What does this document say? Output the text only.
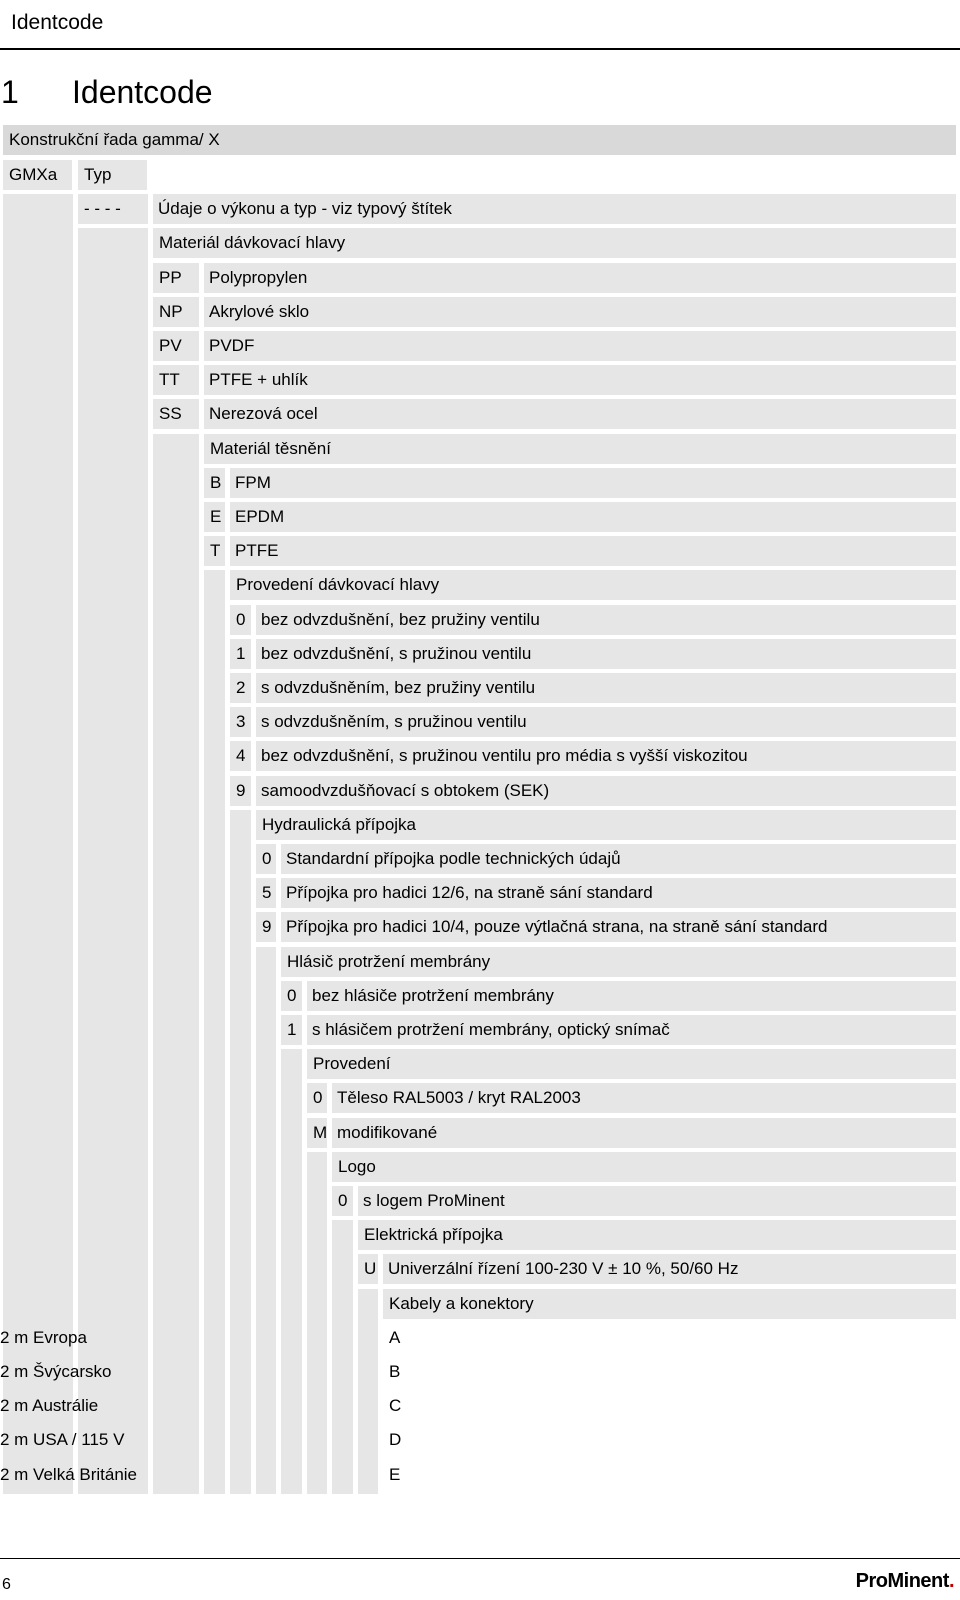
Identcode
1 Identcode
Konstrukční řada gamma/ X
GMXa Typ
- - - - Údaje o výkonu a typ - viz typový štítek
Materiál dávkovací hlavy
PP Polypropylen
NP Akrylové sklo
PV PVDF
TT PTFE + uhlík
SS Nerezová ocel
Materiál těsnění
B FPM
E EPDM
T PTFE
Provedení dávkovací hlavy
0 bez odvzdušnění, bez pružiny ventilu
1 bez odvzdušnění, s pružinou ventilu
2 s odvzdušněním, bez pružiny ventilu
3 s odvzdušněním, s pružinou ventilu
4 bez odvzdušnění, s pružinou ventilu pro média s vyšší viskozitou
9 samoodvzdušňovací s obtokem (SEK)
Hydraulická přípojka
0 Standardní přípojka podle technických údajů
5 Přípojka pro hadici 12/6, na straně sání standard
9 Přípojka pro hadici 10/4, pouze výtlačná strana, na straně sání standard
Hlásič protržení membrány
0 bez hlásiče protržení membrány
1 s hlásičem protržení membrány, optický snímač
Provedení
0 Těleso RAL5003 / kryt RAL2003
M modifikované
Logo
0 s logem ProMinent
Elektrická přípojka
U Univerzální řízení 100-230 V ± 10 %, 50/60 Hz
Kabely a konektory
A
2 m Evropa
B
2 m Švýcarsko
C
2 m Austrálie
D
2 m USA / 115 V
E
2 m Velká Británie
6	ProMinent.
